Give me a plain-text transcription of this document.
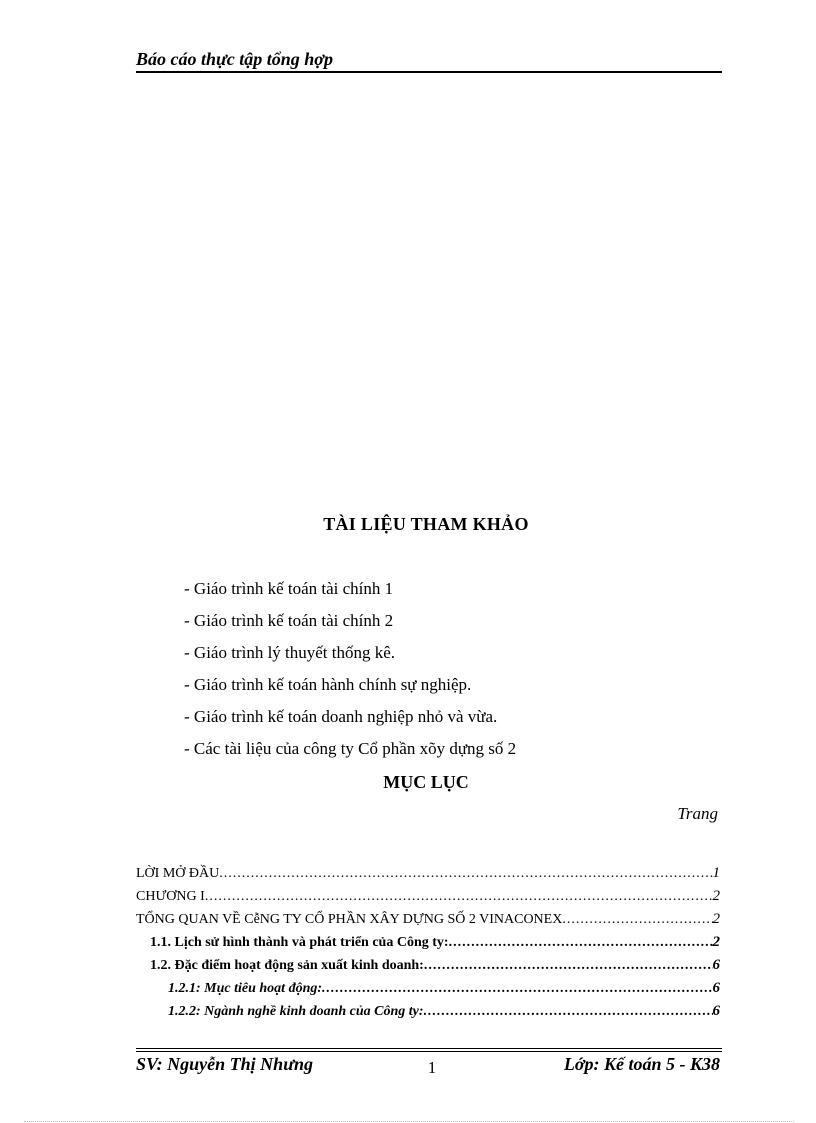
Báo cáo thực tập tổng hợp
TÀI LIỆU THAM KHẢO
- Giáo trình kế toán tài chính 1
- Giáo trình kế toán tài chính 2
- Giáo trình lý thuyết thống kê.
- Giáo trình kế toán hành chính sự nghiệp.
- Giáo trình kế toán doanh nghiệp nhỏ và vừa.
- Các tài liệu của công ty Cổ phần xõy dựng số 2
MỤC LỤC
Trang
LỜI MỞ ĐẦU .....	1
CHƯƠNG I .....	2
TỔNG QUAN VỀ CễNG TY CỔ PHẦN XÂY DỰNG SỐ 2 VINACONEX .....	2
1.1. Lịch sử hình thành và phát triển của Công ty: .....	2
1.2. Đặc điểm hoạt động sản xuất kinh doanh: .....	6
1.2.1: Mục tiêu hoạt động: .....	6
1.2.2: Ngành nghề kinh doanh của Công ty: .....	6
SV: Nguyễn Thị Nhưng	1	Lớp: Kế toán 5 - K38
